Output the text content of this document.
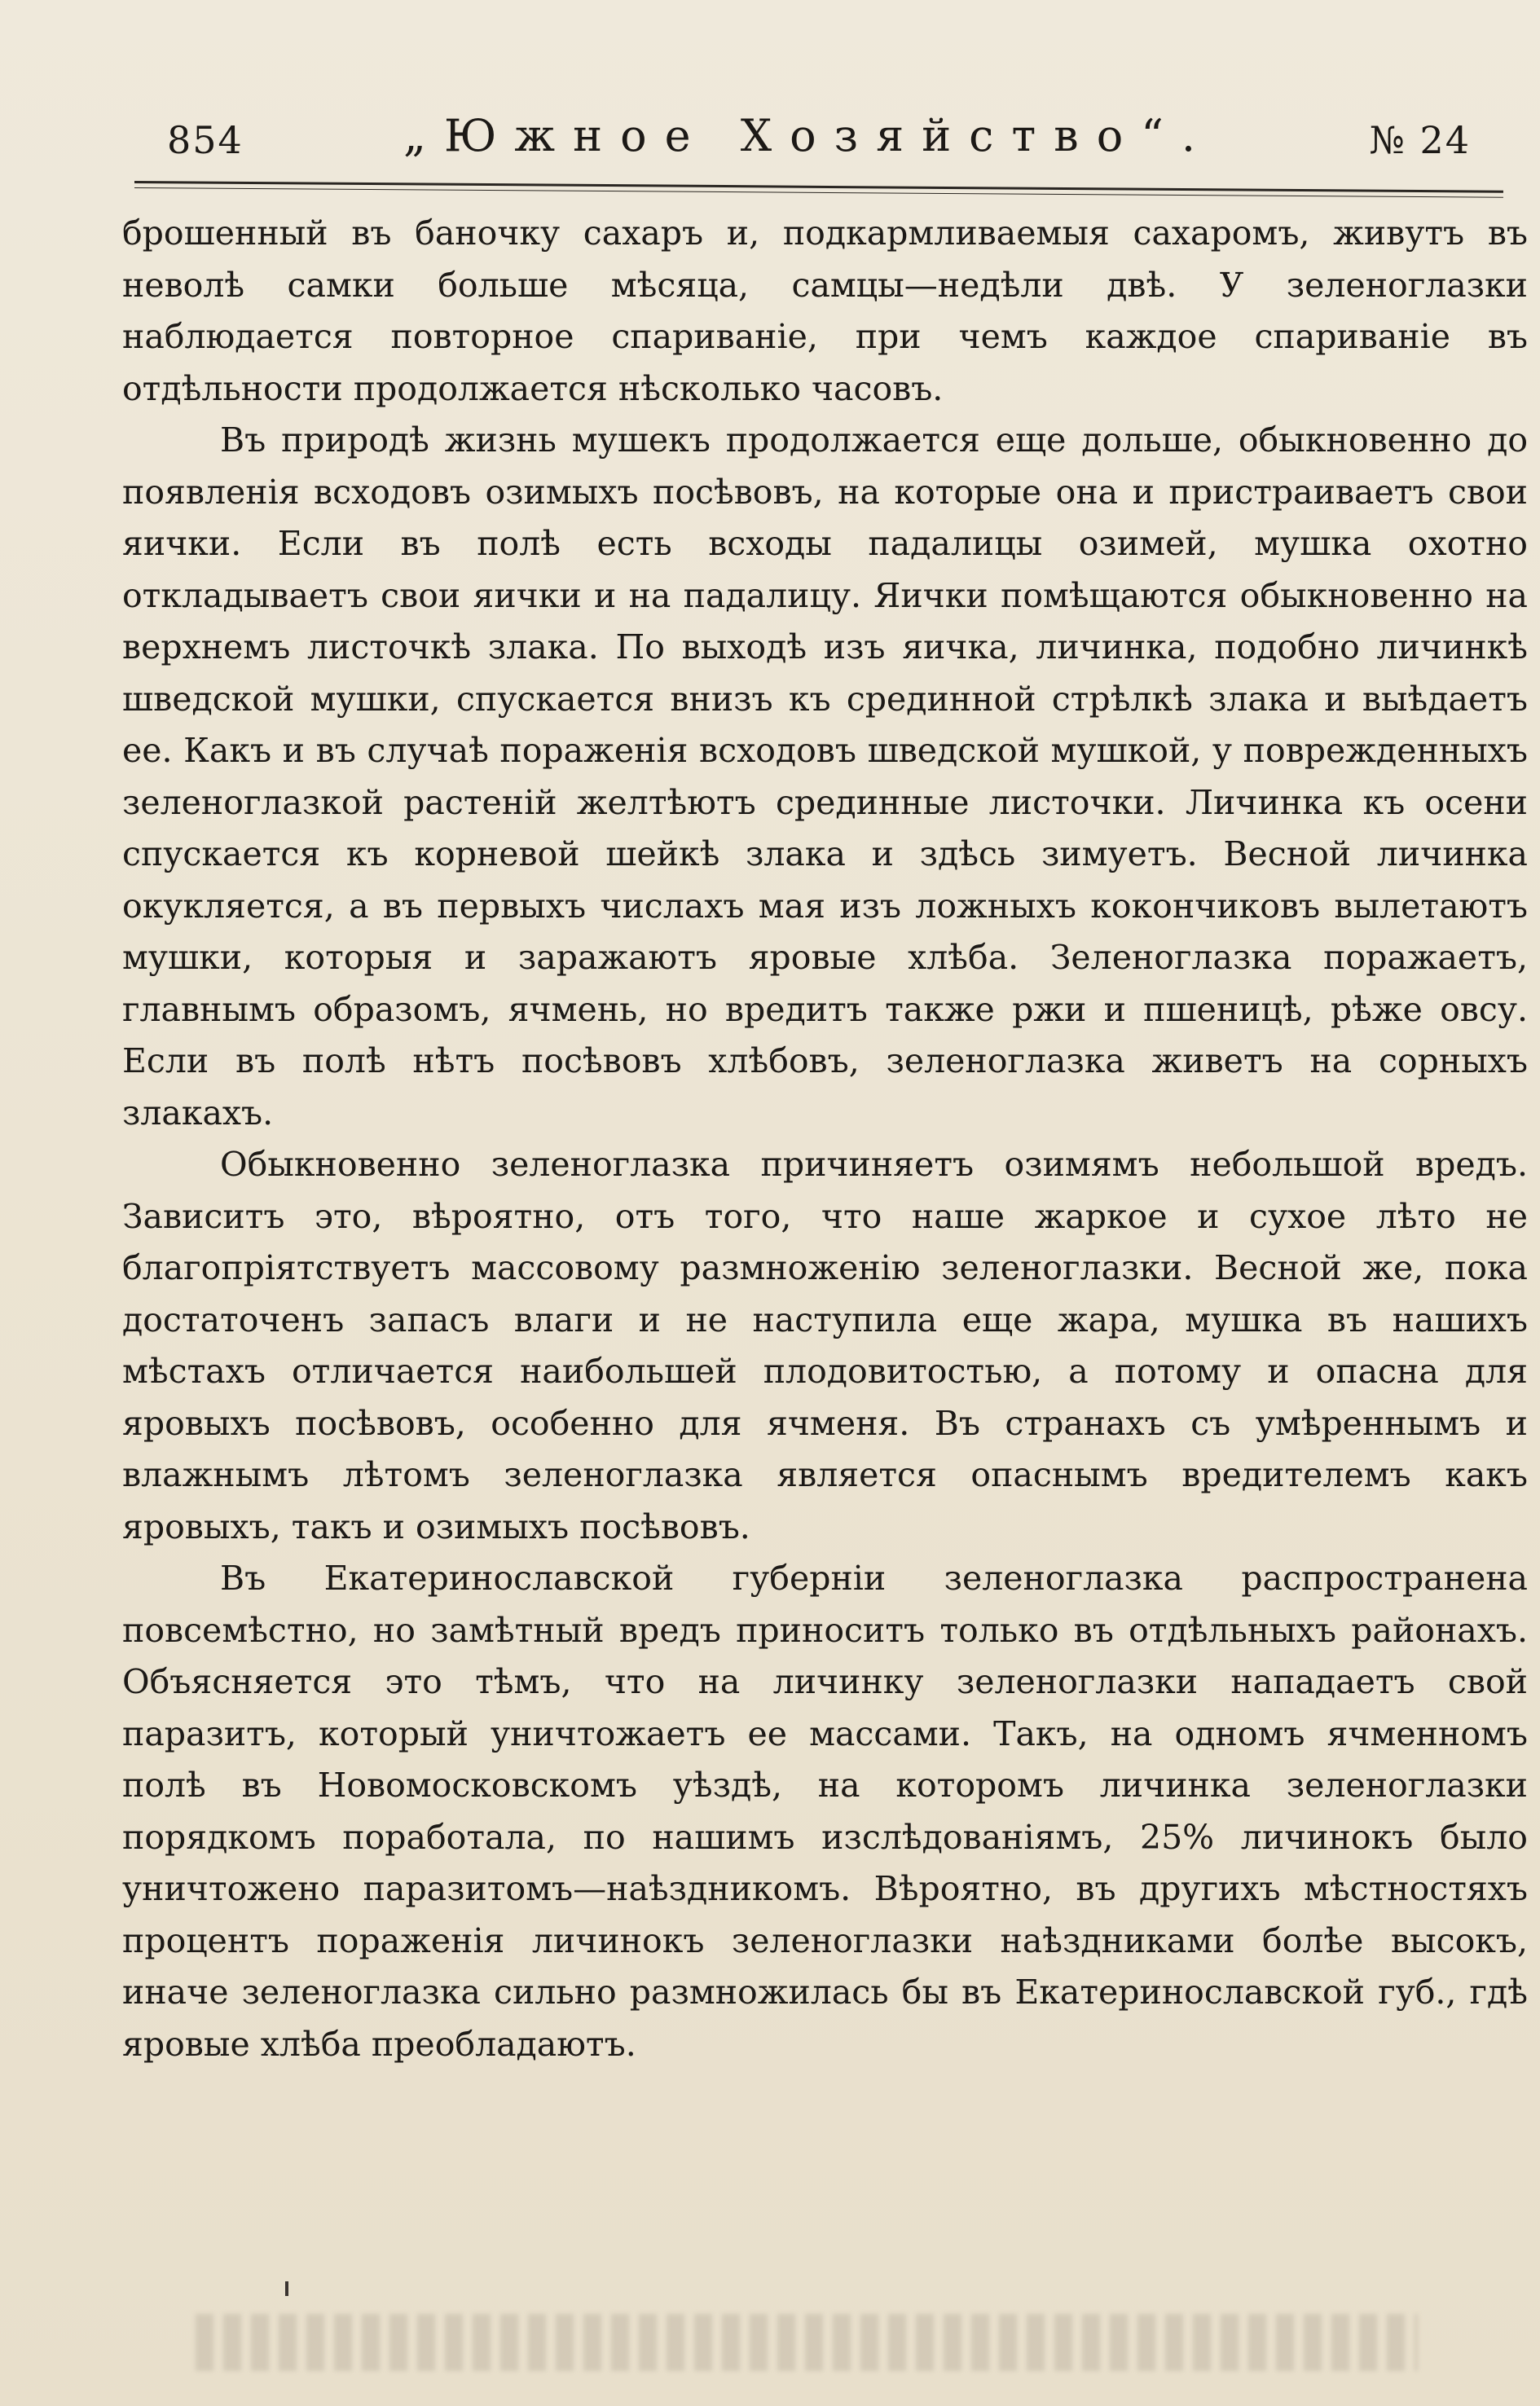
854	„Южное Хозяйство“.	№ 24

брошенный въ баночку сахаръ и, подкармливаемыя сахаромъ, живутъ въ неволѣ самки больше мѣсяца, самцы—недѣли двѣ. У зеленоглазки наблюдается повторное спариваніе, при чемъ каждое спариваніе въ отдѣльности продолжается нѣсколько часовъ.

Въ природѣ жизнь мушекъ продолжается еще дольше, обыкновенно до появленія всходовъ озимыхъ посѣвовъ, на которые она и пристраиваетъ свои яички. Если въ полѣ есть всходы падалицы озимей, мушка охотно откладываетъ свои яички и на падалицу. Яички помѣщаются обыкновенно на верхнемъ листочкѣ злака. По выходѣ изъ яичка, личинка, подобно личинкѣ шведской мушки, спускается внизъ къ срединной стрѣлкѣ злака и выѣдаетъ ее. Какъ и въ случаѣ пораженія всходовъ шведской мушкой, у поврежденныхъ зеленоглазкой растеній желтѣютъ срединные листочки. Личинка къ осени спускается къ корневой шейкѣ злака и здѣсь зимуетъ. Весной личинка окукляется, а въ первыхъ числахъ мая изъ ложныхъ кокончиковъ вылетаютъ мушки, которыя и заражаютъ яровые хлѣба. Зеленоглазка поражаетъ, главнымъ образомъ, ячмень, но вредитъ также ржи и пшеницѣ, рѣже овсу. Если въ полѣ нѣтъ посѣвовъ хлѣбовъ, зеленоглазка живетъ на сорныхъ злакахъ.

Обыкновенно зеленоглазка причиняетъ озимямъ небольшой вредъ. Зависитъ это, вѣроятно, отъ того, что наше жаркое и сухое лѣто не благопріятствуетъ массовому размноженію зеленоглазки. Весной же, пока достаточенъ запасъ влаги и не наступила еще жара, мушка въ нашихъ мѣстахъ отличается наибольшей плодовитостью, а потому и опасна для яровыхъ посѣвовъ, особенно для ячменя. Въ странахъ съ умѣреннымъ и влажнымъ лѣтомъ зеленоглазка является опаснымъ вредителемъ какъ яровыхъ, такъ и озимыхъ посѣвовъ.

Въ Екатеринославской губерніи зеленоглазка распространена повсемѣстно, но замѣтный вредъ приноситъ только въ отдѣльныхъ районахъ. Объясняется это тѣмъ, что на личинку зеленоглазки нападаетъ свой паразитъ, который уничтожаетъ ее массами. Такъ, на одномъ ячменномъ полѣ въ Новомосковскомъ уѣздѣ, на которомъ личинка зеленоглазки порядкомъ поработала, по нашимъ изслѣдованіямъ, 25% личинокъ было уничтожено паразитомъ—наѣздникомъ. Вѣроятно, въ другихъ мѣстностяхъ процентъ пораженія личинокъ зеленоглазки наѣздниками болѣе высокъ, иначе зеленоглазка сильно размножилась бы въ Екатеринославской губ., гдѣ яровые хлѣба преобладаютъ.
